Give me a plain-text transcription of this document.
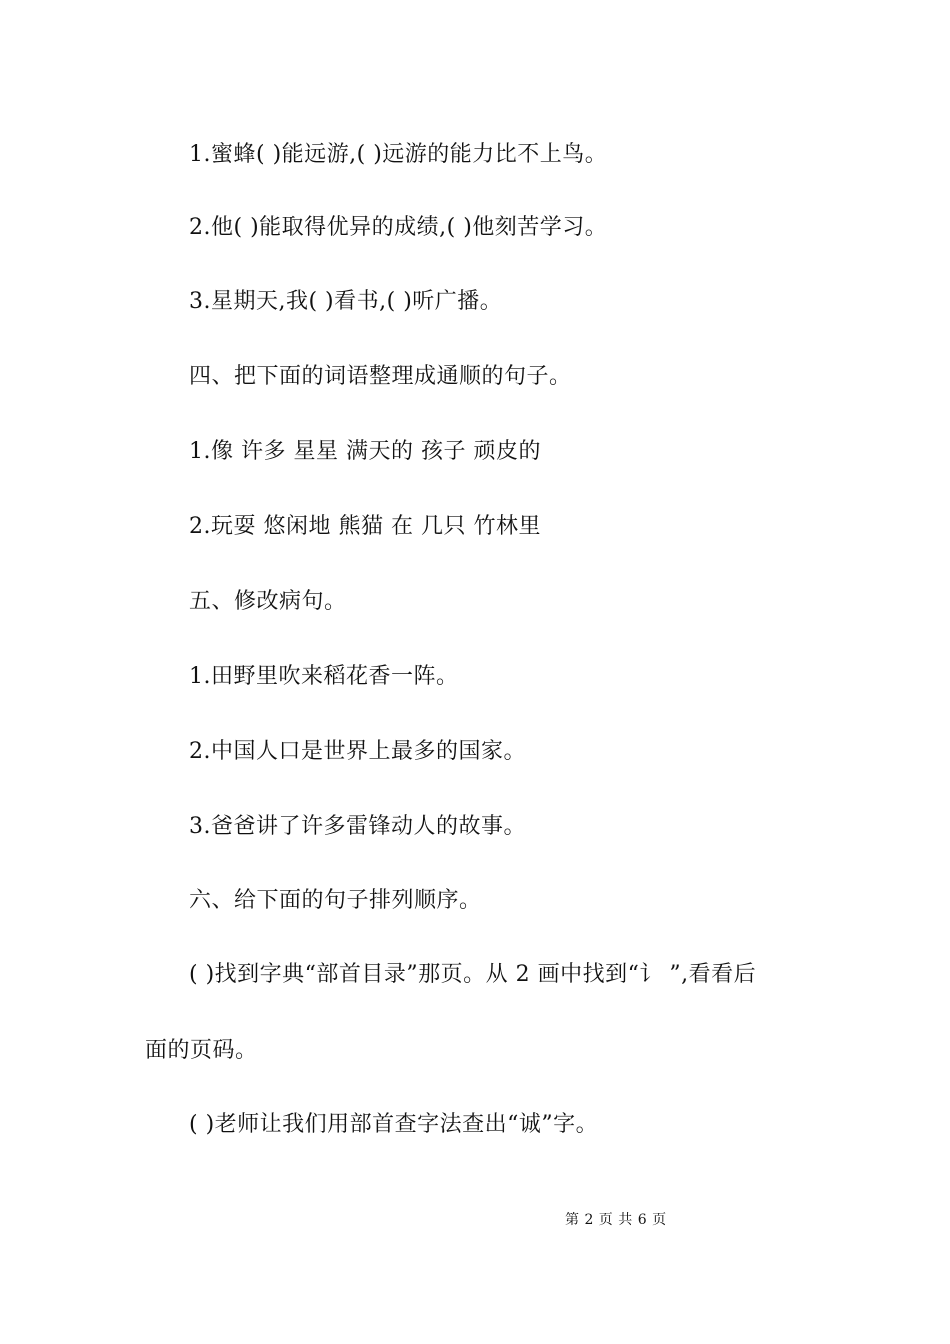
1.蜜蜂( )能远游,( )远游的能力比不上鸟。
2.他( )能取得优异的成绩,( )他刻苦学习。
3.星期天,我( )看书,( )听广播。
四、把下面的词语整理成通顺的句子。
1.像 许多 星星 满天的 孩子 顽皮的
2.玩耍 悠闲地 熊猫 在 几只 竹林里
五、修改病句。
1.田野里吹来稻花香一阵。
2.中国人口是世界上最多的国家。
3.爸爸讲了许多雷锋动人的故事。
六、给下面的句子排列顺序。
( )找到字典“部首目录”那页。从 2 画中找到“讠 ”,看看后
面的页码。
( )老师让我们用部首查字法查出“诚”字。
第 2 页 共 6 页
